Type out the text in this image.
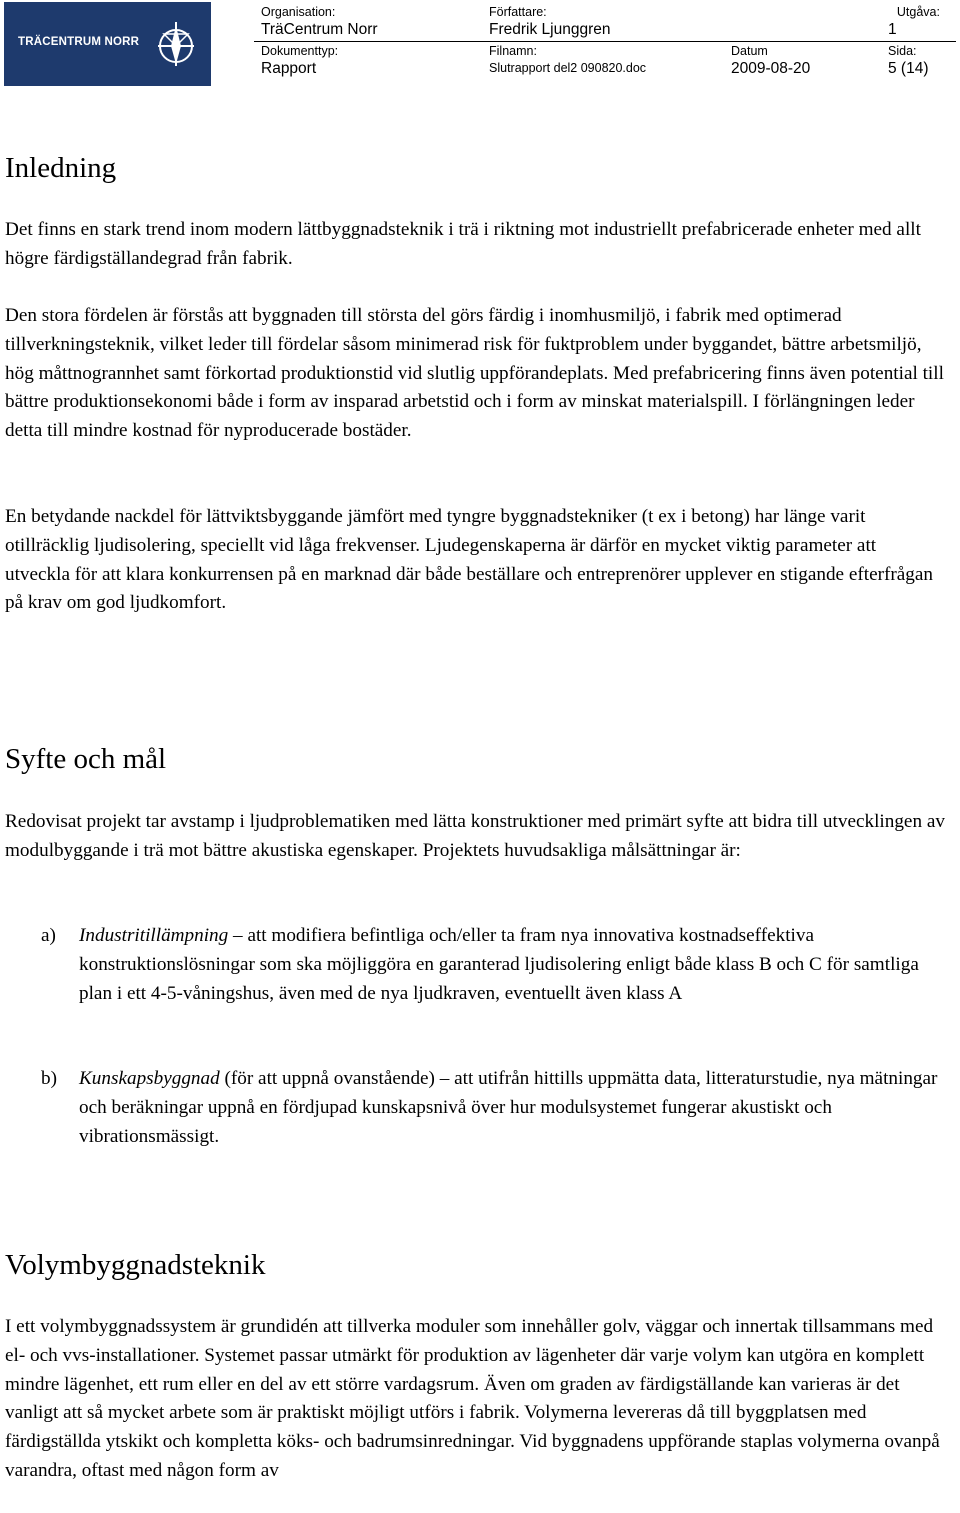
TRÄCENTRUM NORR
Organisation:
TräCentrum Norr
Författare:
Fredrik Ljunggren
Utgåva:
1
Dokumenttyp:
Rapport
Filnamn:
Slutrapport del2 090820.doc
Datum
2009-08-20
Sida:
5 (14)
Inledning

Det finns en stark trend inom modern lättbyggnadsteknik i trä i riktning mot industriellt prefabricerade enheter med allt högre färdigställandegrad från fabrik.

Den stora fördelen är förstås att byggnaden till största del görs färdig i inomhusmiljö, i fabrik med optimerad tillverkningsteknik, vilket leder till fördelar såsom minimerad risk för fuktproblem under byggandet, bättre arbetsmiljö, hög måttnogrannhet samt förkortad produktionstid vid slutlig uppförandeplats. Med prefabricering finns även potential till bättre produktionsekonomi både i form av insparad arbetstid och i form av minskat materialspill. I förlängningen leder detta till mindre kostnad för nyproducerade bostäder.

En betydande nackdel för lättviktsbyggande jämfört med tyngre byggnadstekniker (t ex i betong) har länge varit otillräcklig ljudisolering, speciellt vid låga frekvenser. Ljudegenskaperna är därför en mycket viktig parameter att utveckla för att klara konkurrensen på en marknad där både beställare och entreprenörer upplever en stigande efterfrågan på krav om god ljudkomfort.

Syfte och mål

Redovisat projekt tar avstamp i ljudproblematiken med lätta konstruktioner med primärt syfte att bidra till utvecklingen av modulbyggande i trä mot bättre akustiska egenskaper. Projektets huvudsakliga målsättningar är:

a) Industritillämpning – att modifiera befintliga och/eller ta fram nya innovativa kostnadseffektiva konstruktionslösningar som ska möjliggöra en garanterad ljudisolering enligt både klass B och C för samtliga plan i ett 4-5-våningshus, även med de nya ljudkraven, eventuellt även klass A

b) Kunskapsbyggnad (för att uppnå ovanstående) – att utifrån hittills uppmätta data, litteraturstudie, nya mätningar och beräkningar uppnå en fördjupad kunskapsnivå över hur modulsystemet fungerar akustiskt och vibrationsmässigt.

Volymbyggnadsteknik

I ett volymbyggnadssystem är grundidén att tillverka moduler som innehåller golv, väggar och innertak tillsammans med el- och vvs-installationer. Systemet passar utmärkt för produktion av lägenheter där varje volym kan utgöra en komplett mindre lägenhet, ett rum eller en del av ett större vardagsrum. Även om graden av färdigställande kan varieras är det vanligt att så mycket arbete som är praktiskt möjligt utförs i fabrik. Volymerna levereras då till byggplatsen med färdigställda ytskikt och kompletta köks- och badrumsinredningar. Vid byggnadens uppförande staplas volymerna ovanpå varandra, oftast med någon form av
